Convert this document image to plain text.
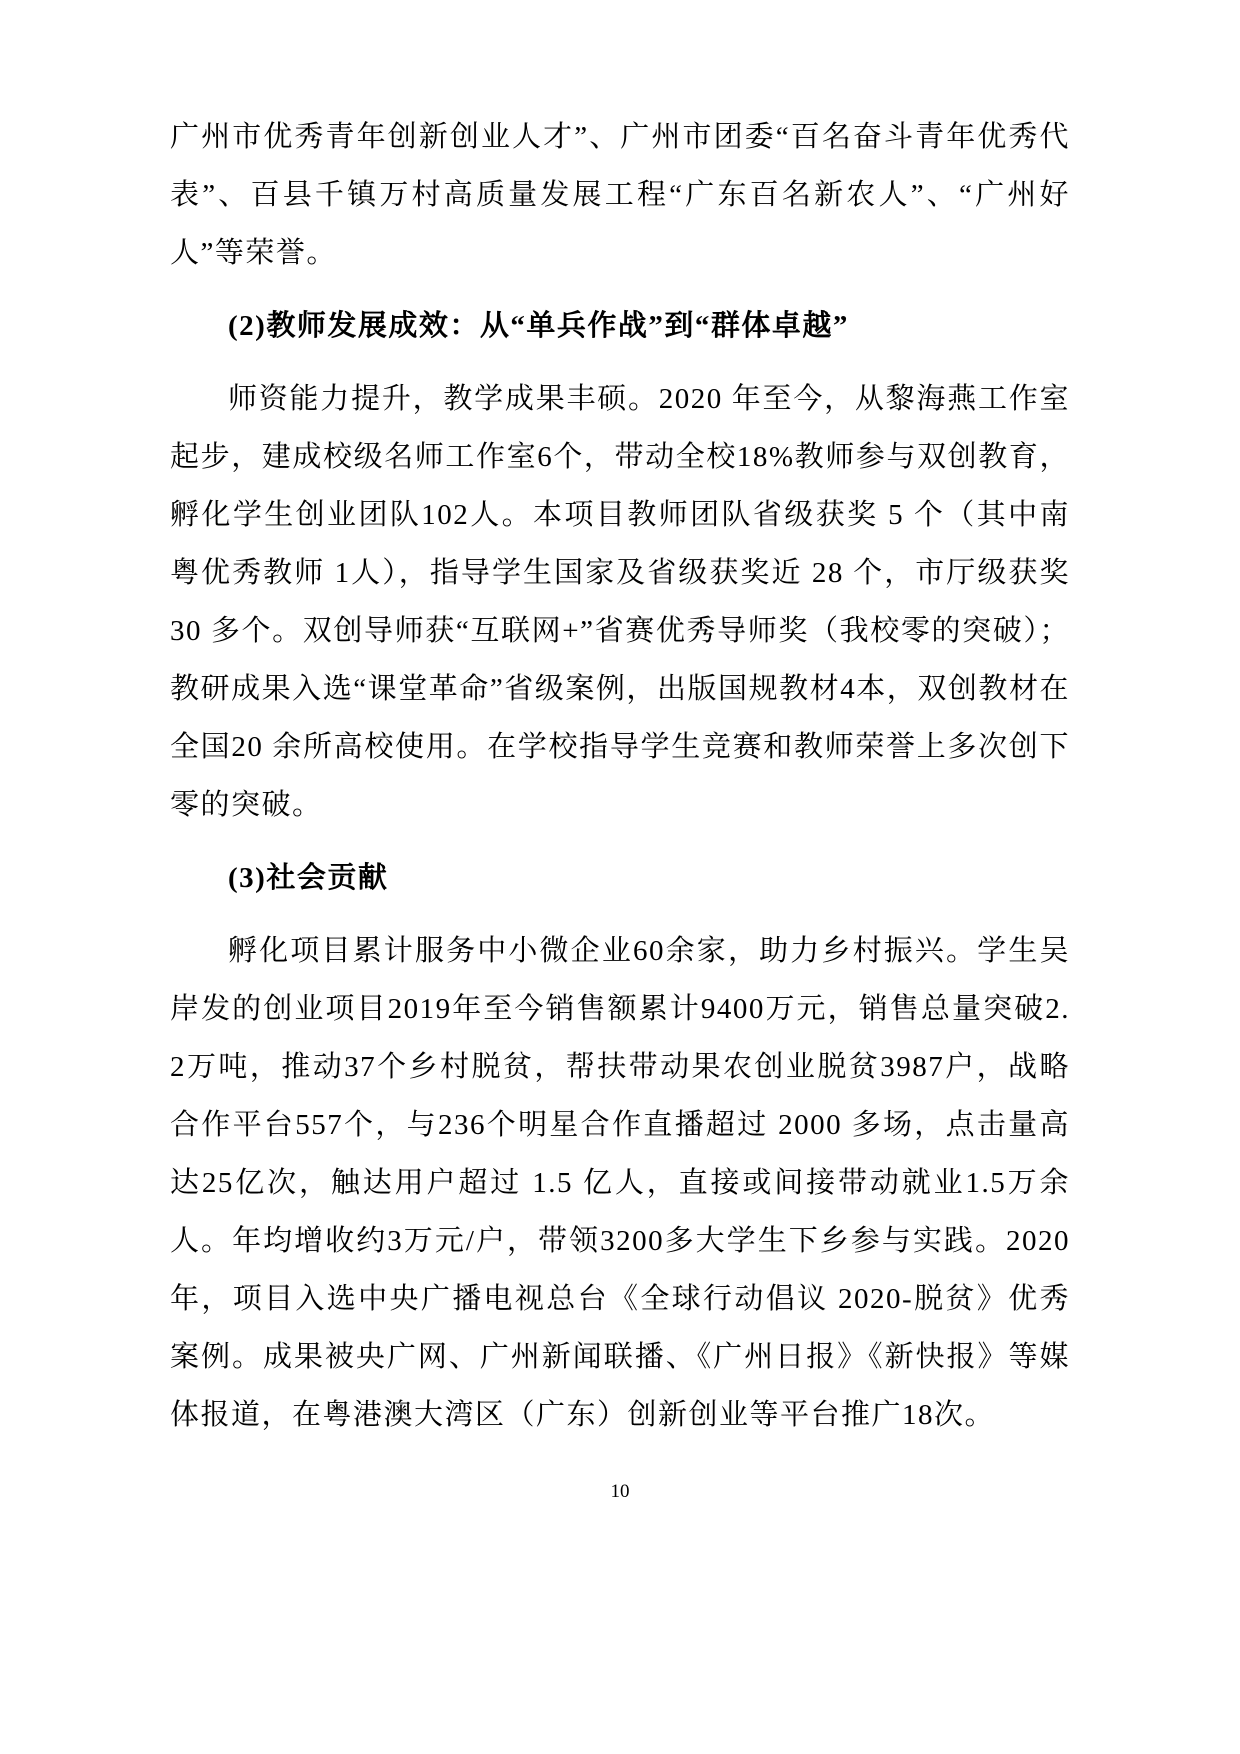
广州市优秀青年创新创业人才”、广州市团委“百名奋斗青年优秀代表”、百县千镇万村高质量发展工程“广东百名新农人”、“广州好人”等荣誉。

(2)教师发展成效：从“单兵作战”到“群体卓越”

师资能力提升，教学成果丰硕。2020 年至今，从黎海燕工作室起步，建成校级名师工作室6个，带动全校18%教师参与双创教育，孵化学生创业团队102人。本项目教师团队省级获奖 5 个（其中南粤优秀教师 1人），指导学生国家及省级获奖近 28 个，市厅级获奖 30 多个。双创导师获“互联网+”省赛优秀导师奖（我校零的突破）；教研成果入选“课堂革命”省级案例，出版国规教材4本，双创教材在全国20 余所高校使用。在学校指导学生竞赛和教师荣誉上多次创下零的突破。

(3)社会贡献

孵化项目累计服务中小微企业60余家，助力乡村振兴。学生吴岸发的创业项目2019年至今销售额累计9400万元，销售总量突破2.2万吨，推动37个乡村脱贫，帮扶带动果农创业脱贫3987户，战略合作平台557个，与236个明星合作直播超过 2000 多场，点击量高达25亿次，触达用户超过 1.5 亿人，直接或间接带动就业1.5万余人。年均增收约3万元/户，带领3200多大学生下乡参与实践。2020 年，项目入选中央广播电视总台《全球行动倡议 2020-脱贫》优秀案例。成果被央广网、广州新闻联播、《广州日报》《新快报》等媒体报道，在粤港澳大湾区（广东）创新创业等平台推广18次。

10
